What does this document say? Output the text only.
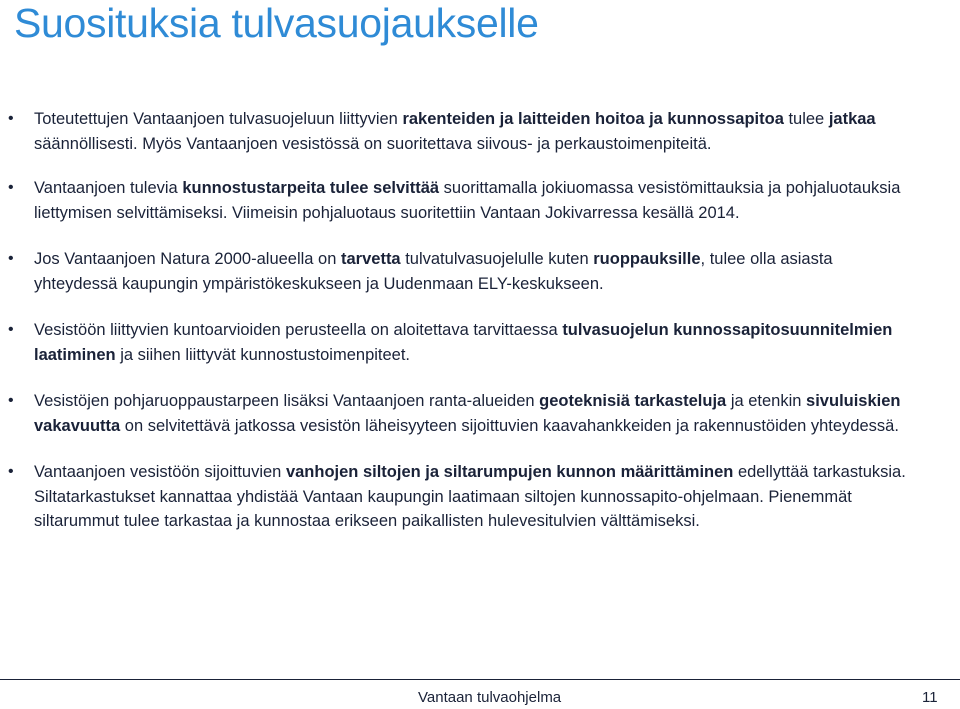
Suosituksia tulvasuojaukselle
• Toteutettujen Vantaanjoen tulvasuojeluun liittyvien rakenteiden ja laitteiden hoitoa ja kunnossapitoa tulee jatkaa säännöllisesti. Myös Vantaanjoen vesistössä on suoritettava siivous- ja perkaustoimenpiteitä.
• Vantaanjoen tulevia kunnostustarpeita tulee selvittää suorittamalla jokiuomassa vesistömittauksia ja pohjaluotauksia liettymisen selvittämiseksi. Viimeisin pohjaluotaus suoritettiin Vantaan Jokivarressa kesällä 2014.
• Jos Vantaanjoen Natura 2000-alueella on tarvetta tulvatulvasuojelulle kuten ruoppauksille, tulee olla asiasta yhteydessä kaupungin ympäristökeskukseen ja Uudenmaan ELY-keskukseen.
• Vesistöön liittyvien kuntoarvioiden perusteella on aloitettava tarvittaessa tulvasuojelun kunnossapitosuunnitelmien laatiminen ja siihen liittyvät kunnostustoimenpiteet.
• Vesistöjen pohjaruoppaustarpeen lisäksi Vantaanjoen ranta-alueiden geoteknisiä tarkasteluja ja etenkin sivuluiskien vakavuutta on selvitettävä jatkossa vesistön läheisyyteen sijoittuvien kaavahankkeiden ja rakennustöiden yhteydessä.
• Vantaanjoen vesistöön sijoittuvien vanhojen siltojen ja siltarumpujen kunnon määrittäminen edellyttää tarkastuksia. Siltatarkastukset kannattaa yhdistää Vantaan kaupungin laatimaan siltojen kunnossapito-ohjelmaan. Pienemmät siltarummut tulee tarkastaa ja kunnostaa erikseen paikallisten hulevesitulvien välttämiseksi.
Vantaan tulvaohjelma	11
